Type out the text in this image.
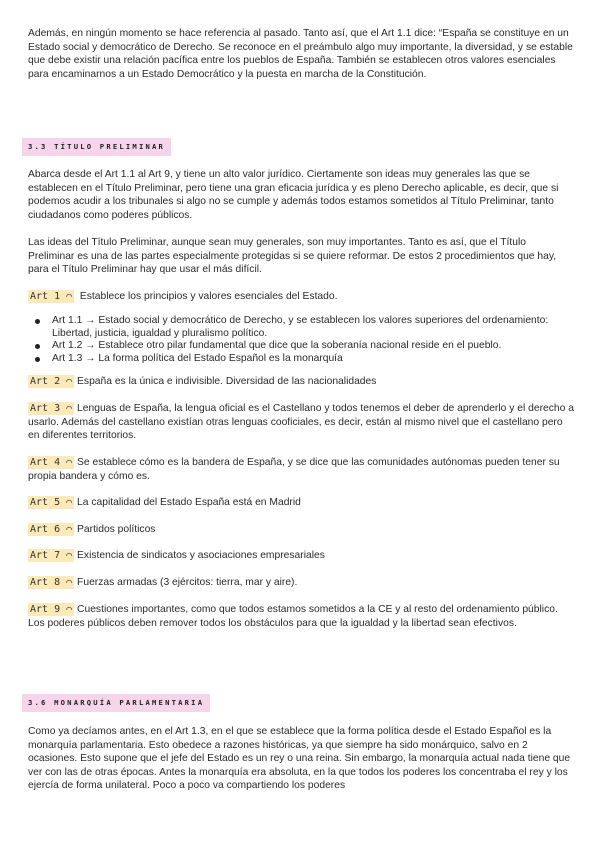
Además, en ningún momento se hace referencia al pasado. Tanto así, que el Art 1.1 dice: “España se constituye en un Estado social y democrático de Derecho. Se reconoce en el preámbulo algo muy importante, la diversidad, y se estable que debe existir una relación pacífica entre los pueblos de España. También se establecen otros valores esenciales para encaminarnos a un Estado Democrático y la puesta en marcha de la Constitución.

3.3 TÍTULO PRELIMINAR

Abarca desde el Art 1.1 al Art 9, y tiene un alto valor jurídico. Ciertamente son ideas muy generales las que se establecen en el Título Preliminar, pero tiene una gran eficacia jurídica y es pleno Derecho aplicable, es decir, que si podemos acudir a los tribunales si algo no se cumple y además todos estamos sometidos al Título Preliminar, tanto ciudadanos como poderes públicos.

Las ideas del Título Preliminar, aunque sean muy generales, son muy importantes. Tanto es así, que el Título Preliminar es una de las partes especialmente protegidas si se quiere reformar. De estos 2 procedimientos que hay, para el Título Preliminar hay que usar el más difícil.

Art 1 ⌒ Establece los principios y valores esenciales del Estado.

Art 1.1 → Estado social y democrático de Derecho, y se establecen los valores superiores del ordenamiento: Libertad, justicia, igualdad y pluralismo político.
Art 1.2 → Establece otro pilar fundamental que dice que la soberanía nacional reside en el pueblo.
Art 1.3 → La forma política del Estado Español es la monarquía

Art 2 ⌒ España es la única e indivisible. Diversidad de las nacionalidades

Art 3 ⌒ Lenguas de España, la lengua oficial es el Castellano y todos tenemos el deber de aprenderlo y el derecho a usarlo. Además del castellano existían otras lenguas cooficiales, es decir, están al mismo nivel que el castellano pero en diferentes territorios.

Art 4 ⌒ Se establece cómo es la bandera de España, y se dice que las comunidades autónomas pueden tener su propia bandera y cómo es.

Art 5 ⌒ La capitalidad del Estado España está en Madrid

Art 6 ⌒ Partidos políticos

Art 7 ⌒ Existencia de sindicatos y asociaciones empresariales

Art 8 ⌒ Fuerzas armadas (3 ejércitos: tierra, mar y aire).

Art 9 ⌒ Cuestiones importantes, como que todos estamos sometidos a la CE y al resto del ordenamiento público. Los poderes públicos deben remover todos los obstáculos para que la igualdad y la libertad sean efectivos.

3.6 MONARQUÍA PARLAMENTARIA

Como ya decíamos antes, en el Art 1.3, en el que se establece que la forma política desde el Estado Español es la monarquía parlamentaria. Esto obedece a razones históricas, ya que siempre ha sido monárquico, salvo en 2 ocasiones. Esto supone que el jefe del Estado es un rey o una reina. Sin embargo, la monarquía actual nada tiene que ver con las de otras épocas. Antes la monarquía era absoluta, en la que todos los poderes los concentraba el rey y los ejercía de forma unilateral. Poco a poco va compartiendo los poderes
